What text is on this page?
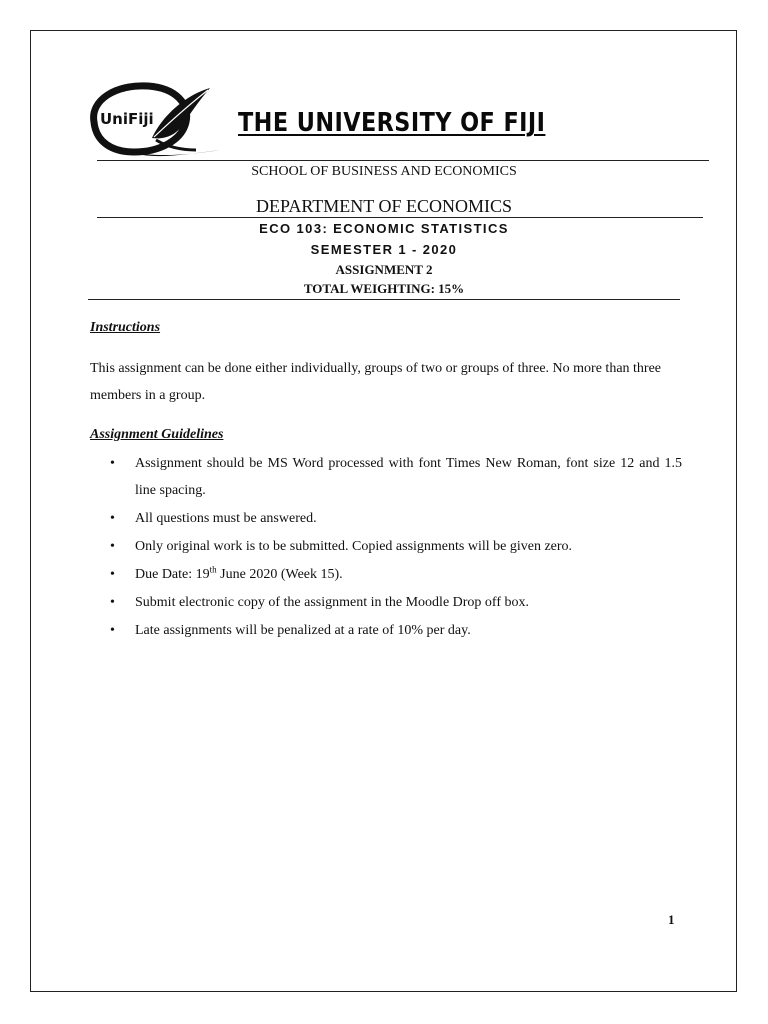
UniFiji	THE UNIVERSITY OF FIJI
SCHOOL OF BUSINESS AND ECONOMICS
DEPARTMENT OF ECONOMICS
ECO 103: ECONOMIC STATISTICS
SEMESTER 1 - 2020
ASSIGNMENT 2
TOTAL WEIGHTING: 15%
Instructions

This assignment can be done either individually, groups of two or groups of three. No more than three members in a group.

Assignment Guidelines
• Assignment should be MS Word processed with font Times New Roman, font size 12 and 1.5 line spacing.
• All questions must be answered.
• Only original work is to be submitted. Copied assignments will be given zero.
• Due Date: 19th June 2020 (Week 15).
• Submit electronic copy of the assignment in the Moodle Drop off box.
• Late assignments will be penalized at a rate of 10% per day.
1
